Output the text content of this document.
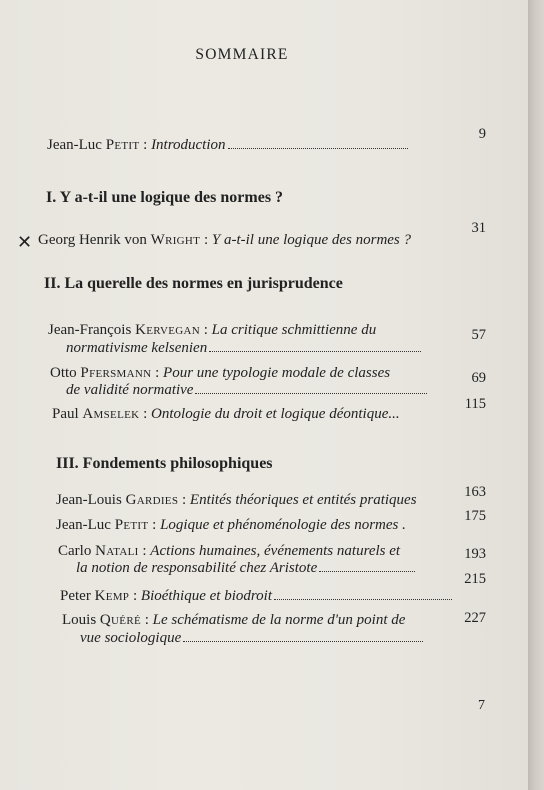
SOMMAIRE
Jean-Luc Petit : Introduction
9
I. Y a-t-il une logique des normes ?
✕ Georg Henrik von Wright : Y a-t-il une logique des normes ?
31
II. La querelle des normes en jurisprudence
Jean-François Kervegan : La critique schmittienne du
normativisme kelsenien
57
Otto Pfersmann : Pour une typologie modale de classes
de validité normative
69
Paul Amselek : Ontologie du droit et logique déontique...
115
III. Fondements philosophiques
Jean-Louis Gardies : Entités théoriques et entités pratiques	163
Jean-Luc Petit : Logique et phénoménologie des normes .
175
Carlo Natali : Actions humaines, événements naturels et
la notion de responsabilité chez Aristote
193
Peter Kemp : Bioéthique et biodroit
215
Louis Quéré : Le schématisme de la norme d'un point de
vue sociologique
227
7
